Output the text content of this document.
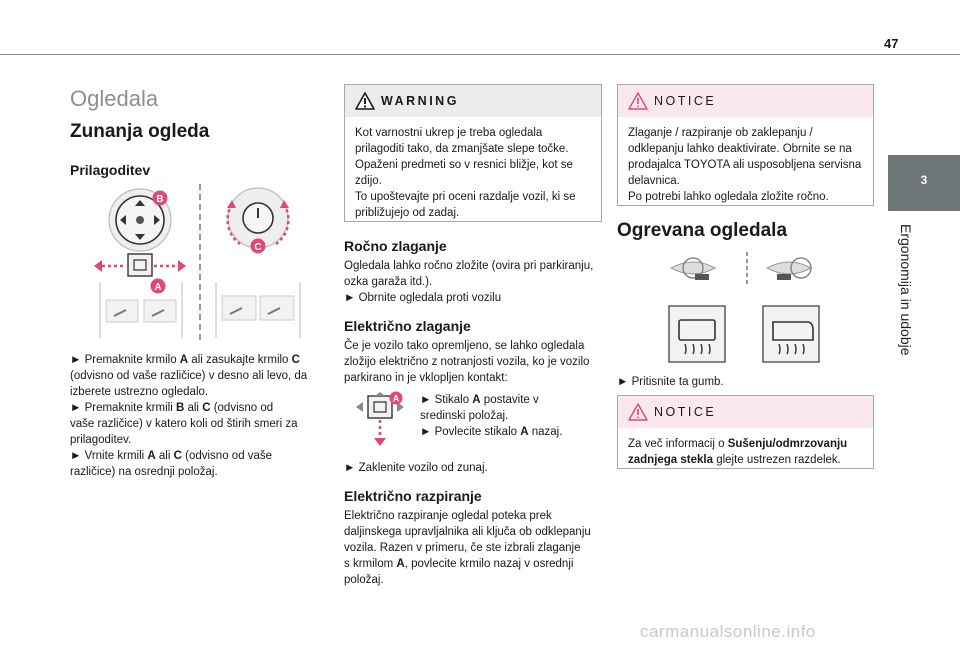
47
3
Ergonomija in udobje
Ogledala
Zunanja ogleda
Prilagoditev
B
A
C
► Premaknite krmilo A ali zasukajte krmilo C
(odvisno od vaše različice) v desno ali levo, da
izberete ustrezno ogledalo.
► Premaknite krmili B ali C (odvisno od
vaše različice) v katero koli od štirih smeri za
prilagoditev.
► Vrnite krmili A ali C (odvisno od vaše
različice) na osrednji položaj.
WARNING
Kot varnostni ukrep je treba ogledala
prilagoditi tako, da zmanjšate slepe točke.
Opaženi predmeti so v resnici bližje, kot se
zdijo.
To upoštevajte pri oceni razdalje vozil, ki se
približujejo od zadaj.
Ročno zlaganje
Ogledala lahko ročno zložite (ovira pri parkiranju,
ozka garaža itd.).
► Obrnite ogledala proti vozilu
Električno zlaganje
Če je vozilo tako opremljeno, se lahko ogledala
zložijo električno z notranjosti vozila, ko je vozilo
parkirano in je vklopljen kontakt:
A ► Stikalo A postavite v
sredinski položaj.
► Povlecite stikalo A nazaj.
► Zaklenite vozilo od zunaj.
Električno razpiranje
Električno razpiranje ogledal poteka prek
daljinskega upravljalnika ali ključa ob odklepanju
vozila. Razen v primeru, če ste izbrali zlaganje
s krmilom A, povlecite krmilo nazaj v osrednji
položaj.
NOTICE
Zlaganje / razpiranje ob zaklepanju /
odklepanju lahko deaktivirate. Obrnite se na
prodajalca TOYOTA ali usposobljena servisna
delavnica.
Po potrebi lahko ogledala zložite ročno.
Ogrevana ogledala
► Pritisnite ta gumb.
NOTICE
Za več informacij o Sušenju/odmrzovanju
zadnjega stekla glejte ustrezen razdelek.
carmanualsonline.info
